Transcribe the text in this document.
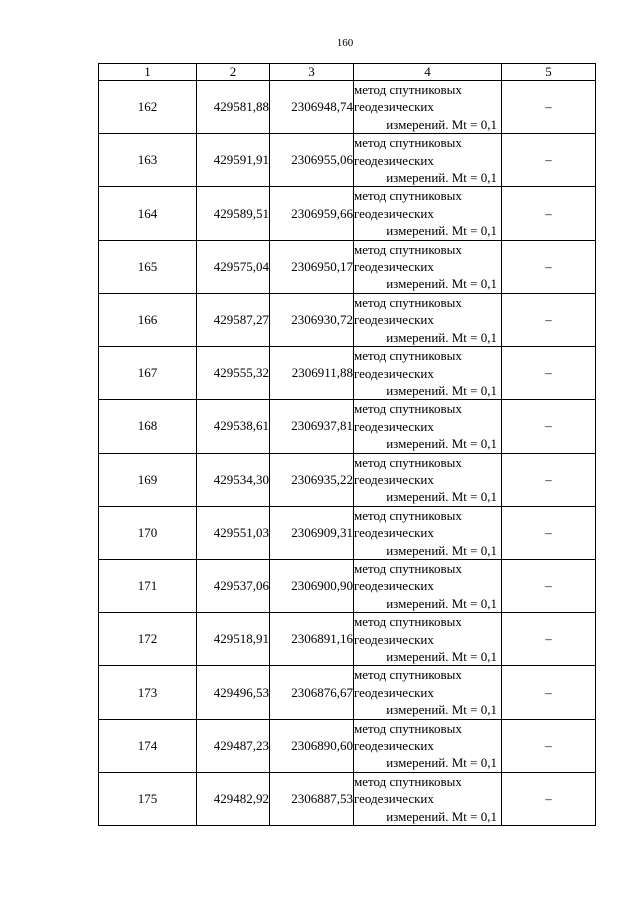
160
1	2	3	4	5
162	429581,88	2306948,74	метод спутниковых
геодезических
измерений. Mt = 0,1	–
163	429591,91	2306955,06	метод спутниковых
геодезических
измерений. Mt = 0,1	–
164	429589,51	2306959,66	метод спутниковых
геодезических
измерений. Mt = 0,1	–
165	429575,04	2306950,17	метод спутниковых
геодезических
измерений. Mt = 0,1	–
166	429587,27	2306930,72	метод спутниковых
геодезических
измерений. Mt = 0,1	–
167	429555,32	2306911,88	метод спутниковых
геодезических
измерений. Mt = 0,1	–
168	429538,61	2306937,81	метод спутниковых
геодезических
измерений. Mt = 0,1	–
169	429534,30	2306935,22	метод спутниковых
геодезических
измерений. Mt = 0,1	–
170	429551,03	2306909,31	метод спутниковых
геодезических
измерений. Mt = 0,1	–
171	429537,06	2306900,90	метод спутниковых
геодезических
измерений. Mt = 0,1	–
172	429518,91	2306891,16	метод спутниковых
геодезических
измерений. Mt = 0,1	–
173	429496,53	2306876,67	метод спутниковых
геодезических
измерений. Mt = 0,1	–
174	429487,23	2306890,60	метод спутниковых
геодезических
измерений. Mt = 0,1	–
175	429482,92	2306887,53	метод спутниковых
геодезических
измерений. Mt = 0,1	–
